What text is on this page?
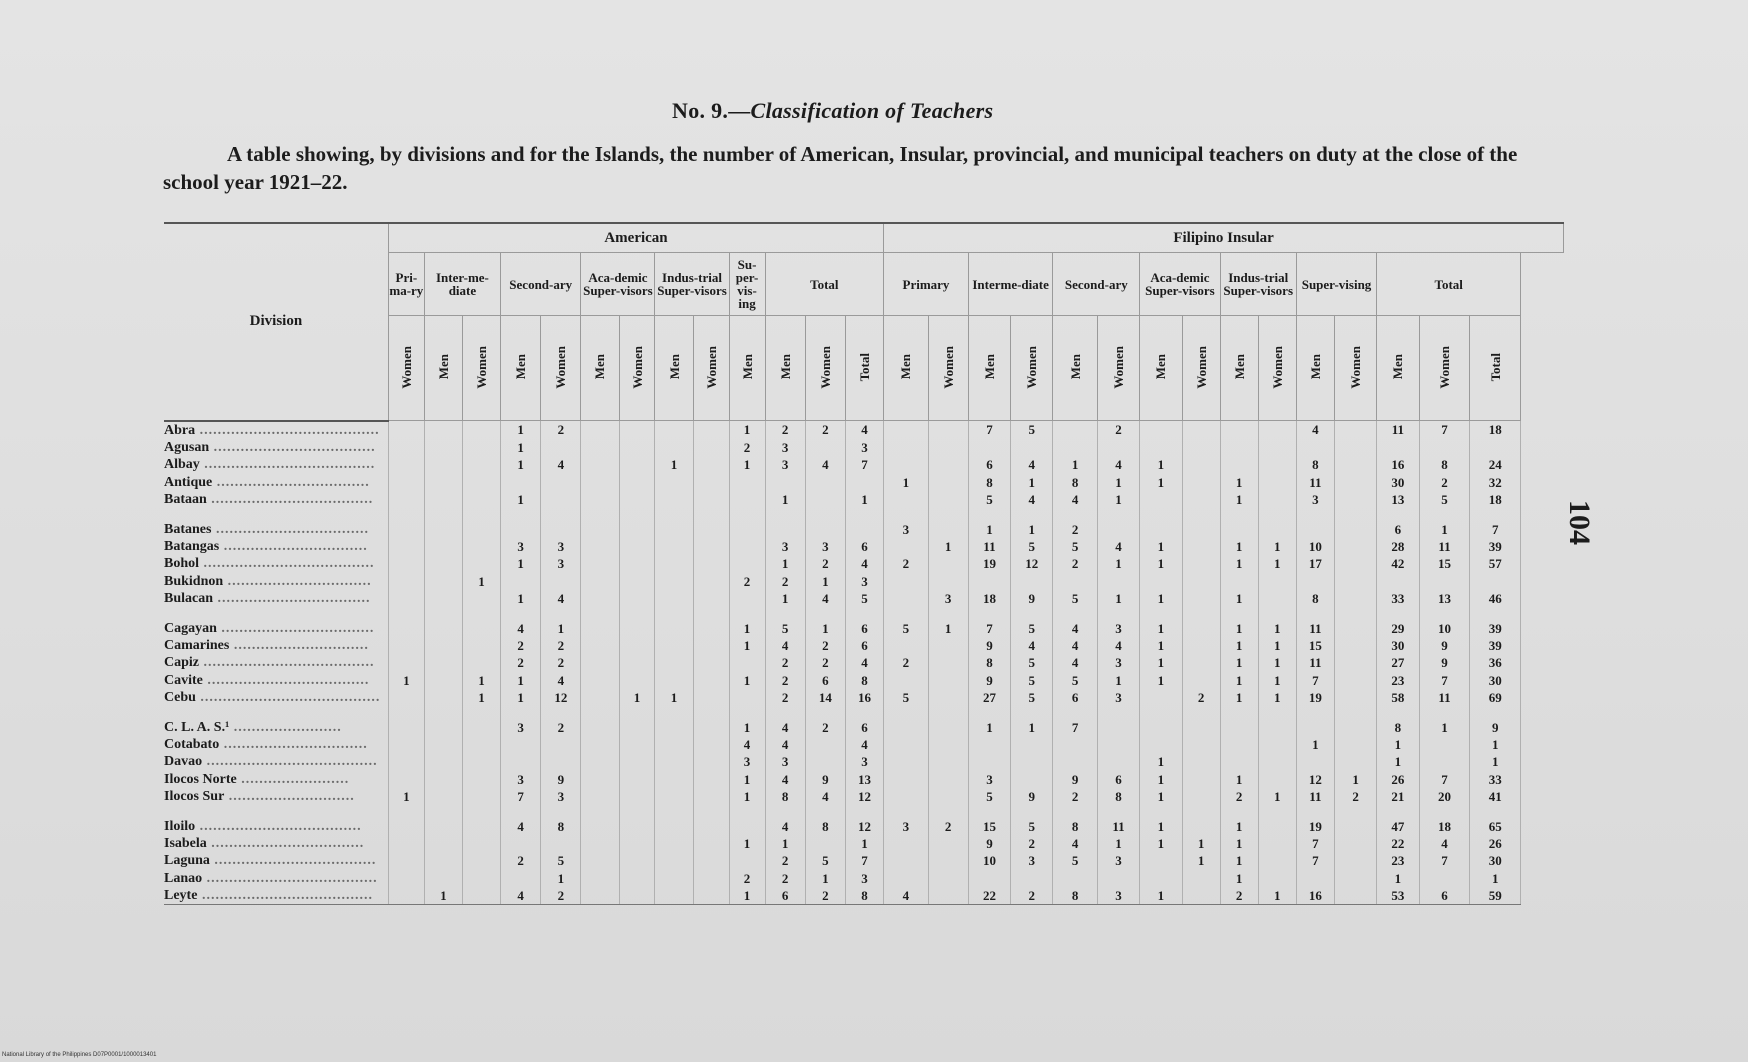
No. 9.—Classification of Teachers
A table showing, by divisions and for the Islands, the number of American, Insular, provincial, and municipal teachers on duty at the close of the school year 1921–22.
Division	American													Filipino Insular														
	Pri-ma-ry	Inter-me-diate		Second-ary		Aca-demic Super-visors		Indus-trial Super-visors		Su-per-vis-ing	Total			Primary		Interme-diate		Second-ary		Aca-demic Super-visors		Indus-trial Super-visors		Super-vising		Total		
	Women	Men	Women	Men	Women	Men	Women	Men	Women	Men	Men	Women	Total	Men	Women	Men	Women	Men	Women	Men	Women	Men	Women	Men	Women	Men	Women	Total
Abra ........................................				1	2					1	2	2	4			7	5		2					4		11	7	18
Agusan ....................................				1						2	3		3															
Albay ......................................				1	4			1		1	3	4	7			6	4	1	4	1				8		16	8	24
Antique ..................................														1		8	1	8	1	1		1		11		30	2	32
Bataan ....................................				1							1		1			5	4	4	1			1		3		13	5	18

Batanes ..................................														3		1	1	2								6	1	7
Batangas ................................				3	3						3	3	6		1	11	5	5	4	1		1	1	10		28	11	39
Bohol ......................................				1	3						1	2	4	2		19	12	2	1	1		1	1	17		42	15	57
Bukidnon ................................			1							2	2	1	3															
Bulacan ..................................				1	4						1	4	5		3	18	9	5	1	1		1		8		33	13	46

Cagayan ..................................				4	1					1	5	1	6	5	1	7	5	4	3	1		1	1	11		29	10	39
Camarines ..............................				2	2					1	4	2	6			9	4	4	4	1		1	1	15		30	9	39
Capiz ......................................				2	2						2	2	4	2		8	5	4	3	1		1	1	11		27	9	36
Cavite ....................................	1		1	1	4					1	2	6	8			9	5	5	1	1		1	1	7		23	7	30
Cebu ........................................			1	1	12		1	1			2	14	16	5		27	5	6	3		2	1	1	19		58	11	69

C. L. A. S.¹ ........................				3	2					1	4	2	6			1	1	7								8	1	9
Cotabato ................................										4	4		4											1		1		1
Davao ......................................										3	3		3							1						1		1
Ilocos Norte ........................				3	9					1	4	9	13			3		9	6	1		1		12	1	26	7	33
Ilocos Sur ............................	1			7	3					1	8	4	12			5	9	2	8	1		2	1	11	2	21	20	41

Iloilo ....................................				4	8						4	8	12	3	2	15	5	8	11	1		1		19		47	18	65
Isabela ..................................										1	1		1			9	2	4	1	1	1	1		7		22	4	26
Laguna ....................................				2	5						2	5	7			10	3	5	3		1	1		7		23	7	30
Lanao ......................................					1					2	2	1	3									1				1		1
Leyte ......................................		1		4	2					1	6	2	8	4		22	2	8	3	1		2	1	16		53	6	59
104
National Library of the Philippines D07P0001/1000013401
